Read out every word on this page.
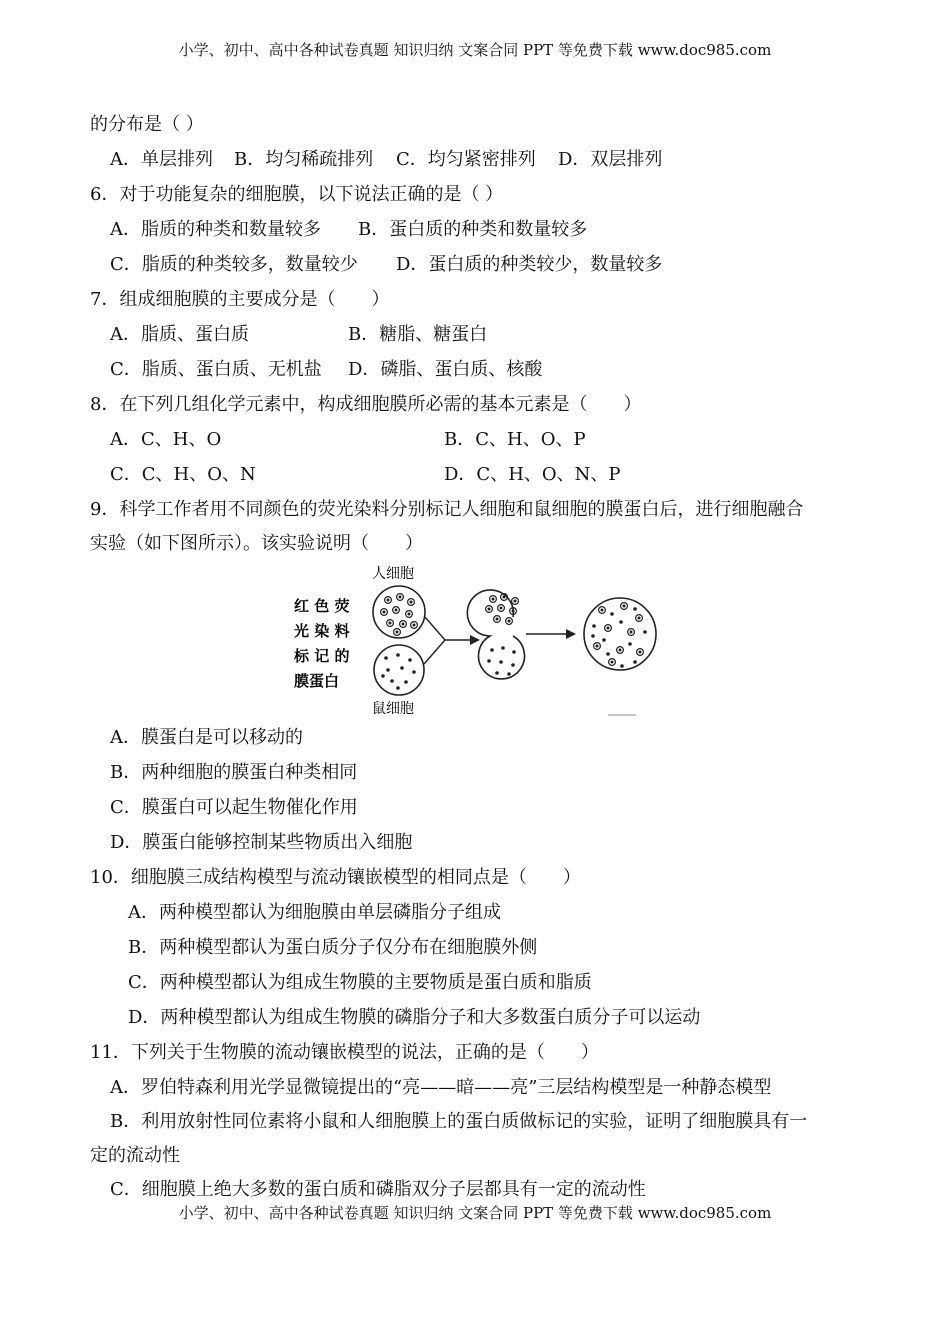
小学、初中、高中各种试卷真题 知识归纳 文案合同 PPT 等免费下载 www.doc985.com
的分布是（ ）
A．单层排列 B．均匀稀疏排列 C．均匀紧密排列 D．双层排列
6．对于功能复杂的细胞膜，以下说法正确的是（ ）
A．脂质的种类和数量较多 B．蛋白质的种类和数量较多
C．脂质的种类较多，数量较少 D．蛋白质的种类较少，数量较多
7．组成细胞膜的主要成分是（　　）
A．脂质、蛋白质	B．糖脂、糖蛋白
C．脂质、蛋白质、无机盐 D．磷脂、蛋白质、核酸
8．在下列几组化学元素中，构成细胞膜所必需的基本元素是（　　）
A．C、H、O	B．C、H、O、P
C．C、H、O、N	D．C、H、O、N、P
9．科学工作者用不同颜色的荧光染料分别标记人细胞和鼠细胞的膜蛋白后，进行细胞融合
实验（如下图所示）。该实验说明（　　）
人细胞
红 色 荧
光 染 料
标 记 的
膜蛋白
鼠细胞
A．膜蛋白是可以移动的
B．两种细胞的膜蛋白种类相同
C．膜蛋白可以起生物催化作用
D．膜蛋白能够控制某些物质出入细胞
10．细胞膜三成结构模型与流动镶嵌模型的相同点是（　　）
A．两种模型都认为细胞膜由单层磷脂分子组成
B．两种模型都认为蛋白质分子仅分布在细胞膜外侧
C．两种模型都认为组成生物膜的主要物质是蛋白质和脂质
D．两种模型都认为组成生物膜的磷脂分子和大多数蛋白质分子可以运动
11．下列关于生物膜的流动镶嵌模型的说法，正确的是（　　）
A．罗伯特森利用光学显微镜提出的“亮——暗——亮”三层结构模型是一种静态模型
B．利用放射性同位素将小鼠和人细胞膜上的蛋白质做标记的实验，证明了细胞膜具有一
定的流动性
C．细胞膜上绝大多数的蛋白质和磷脂双分子层都具有一定的流动性
小学、初中、高中各种试卷真题 知识归纳 文案合同 PPT 等免费下载 www.doc985.com
